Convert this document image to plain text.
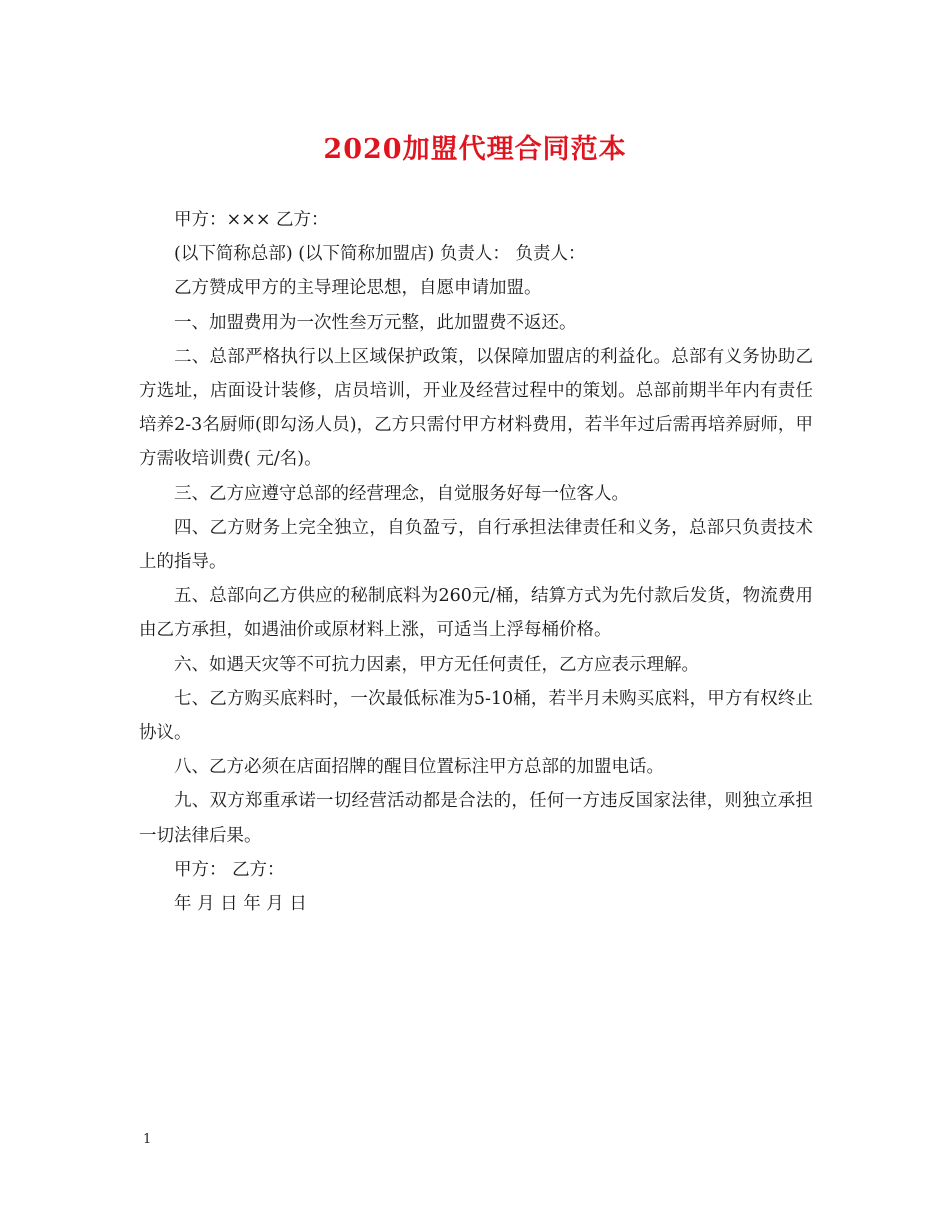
2020加盟代理合同范本

甲方：××× 乙方：

(以下简称总部) (以下简称加盟店) 负责人： 负责人：

乙方赞成甲方的主导理论思想，自愿申请加盟。

一、加盟费用为一次性叁万元整，此加盟费不返还。

二、总部严格执行以上区域保护政策，以保障加盟店的利益化。总部有义务协助乙方选址，店面设计装修，店员培训，开业及经营过程中的策划。总部前期半年内有责任培养2-3名厨师(即勾汤人员)，乙方只需付甲方材料费用，若半年过后需再培养厨师，甲方需收培训费( 元/名)。

三、乙方应遵守总部的经营理念，自觉服务好每一位客人。

四、乙方财务上完全独立，自负盈亏，自行承担法律责任和义务，总部只负责技术上的指导。

五、总部向乙方供应的秘制底料为260元/桶，结算方式为先付款后发货，物流费用由乙方承担，如遇油价或原材料上涨，可适当上浮每桶价格。

六、如遇天灾等不可抗力因素，甲方无任何责任，乙方应表示理解。

七、乙方购买底料时，一次最低标准为5-10桶，若半月未购买底料，甲方有权终止协议。

八、乙方必须在店面招牌的醒目位置标注甲方总部的加盟电话。

九、双方郑重承诺一切经营活动都是合法的，任何一方违反国家法律，则独立承担一切法律后果。

甲方： 乙方：

年 月 日 年 月 日

1
